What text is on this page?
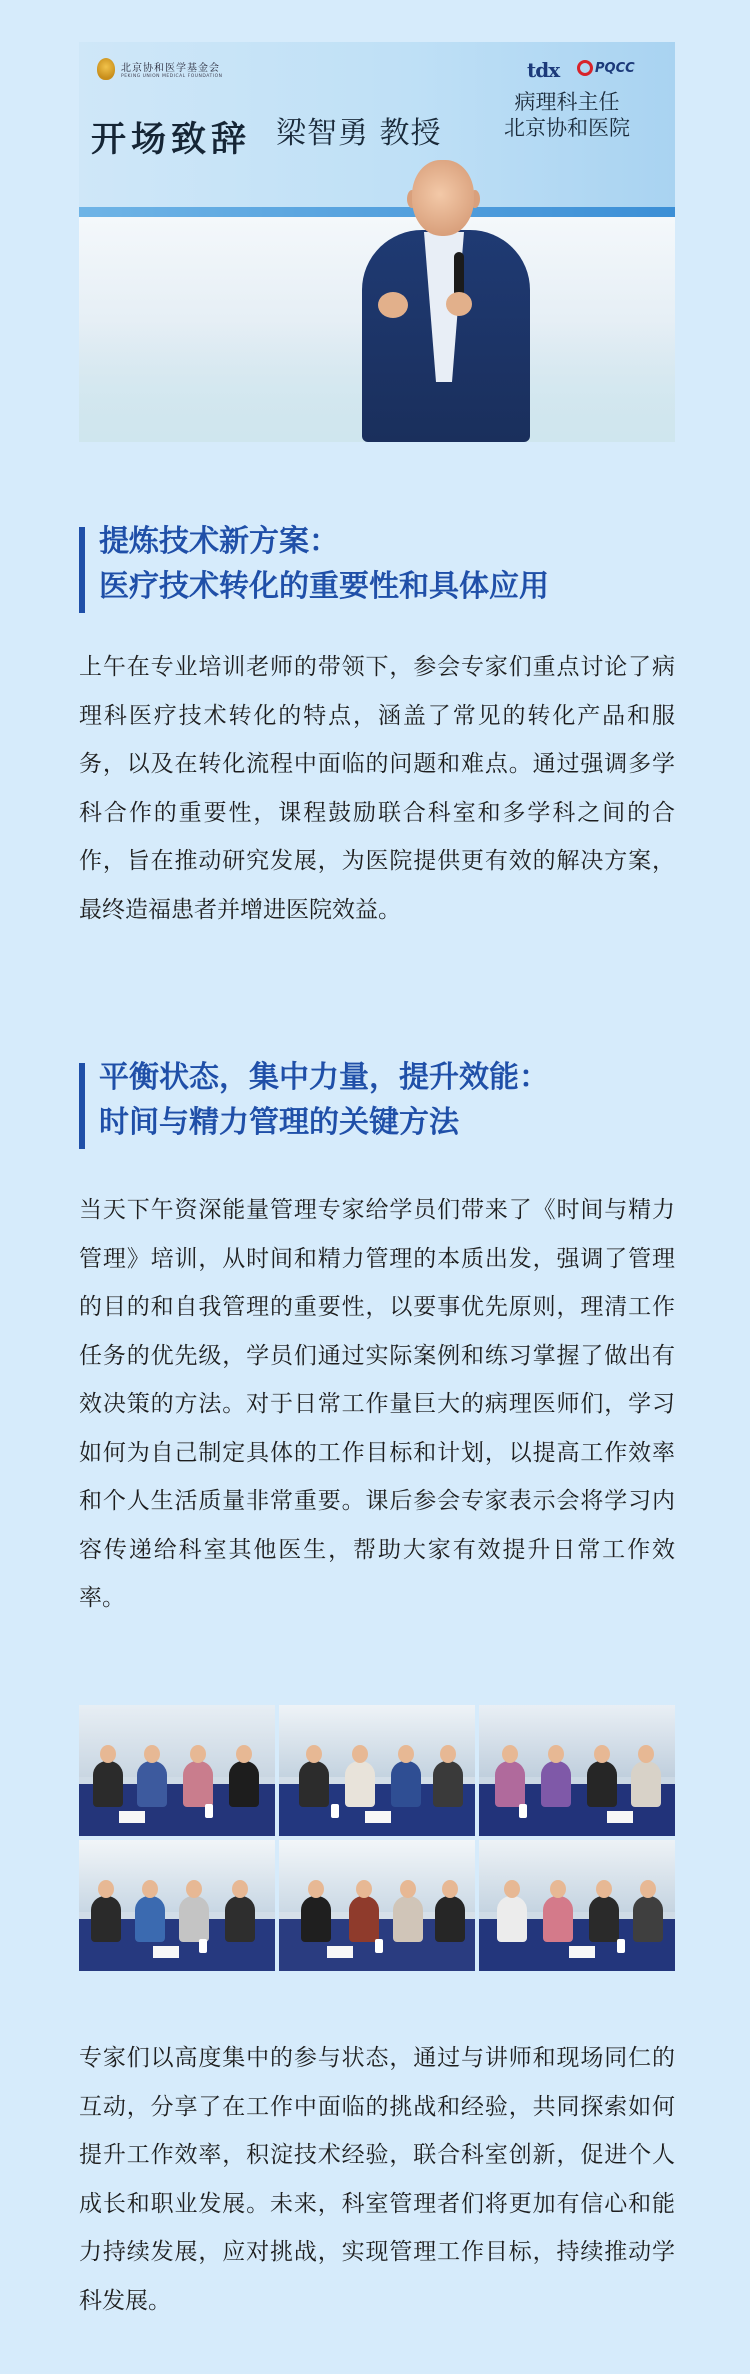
北京协和医学基金会
PEKING UNION MEDICAL FOUNDATION	tdx	PQCC
开场致辞 梁智勇 教授
病理科主任
北京协和医院
提炼技术新方案：
医疗技术转化的重要性和具体应用

上午在专业培训老师的带领下，参会专家们重点讨论了病理科医疗技术转化的特点，涵盖了常见的转化产品和服务，以及在转化流程中面临的问题和难点。通过强调多学科合作的重要性，课程鼓励联合科室和多学科之间的合作，旨在推动研究发展，为医院提供更有效的解决方案，最终造福患者并增进医院效益。

平衡状态，集中力量，提升效能：
时间与精力管理的关键方法

当天下午资深能量管理专家给学员们带来了《时间与精力管理》培训，从时间和精力管理的本质出发，强调了管理的目的和自我管理的重要性，以要事优先原则，理清工作任务的优先级，学员们通过实际案例和练习掌握了做出有效决策的方法。对于日常工作量巨大的病理医师们，学习如何为自己制定具体的工作目标和计划，以提高工作效率和个人生活质量非常重要。课后参会专家表示会将学习内容传递给科室其他医生，帮助大家有效提升日常工作效率。

专家们以高度集中的参与状态，通过与讲师和现场同仁的互动，分享了在工作中面临的挑战和经验，共同探索如何提升工作效率，积淀技术经验，联合科室创新，促进个人成长和职业发展。未来，科室管理者们将更加有信心和能力持续发展，应对挑战，实现管理工作目标，持续推动学科发展。
